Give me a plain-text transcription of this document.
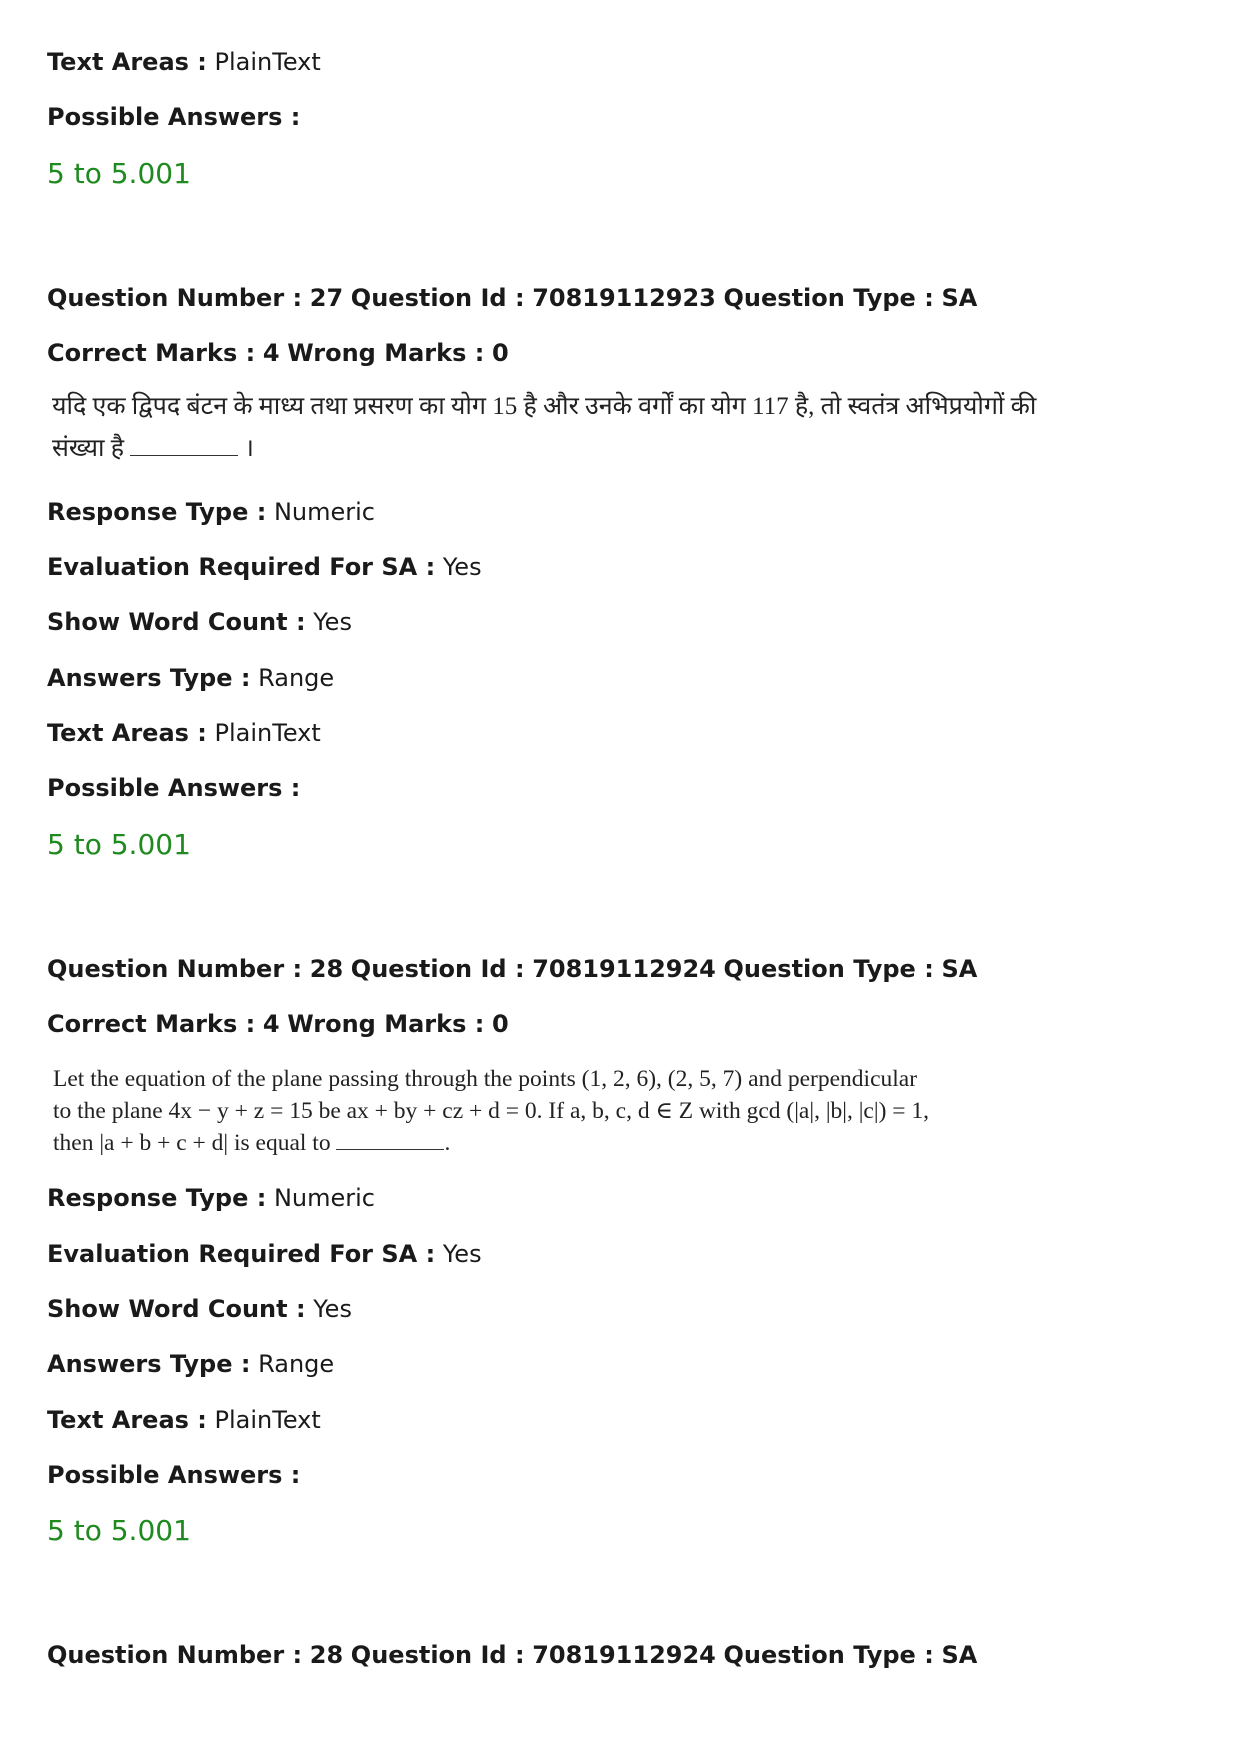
Text Areas : PlainText
Possible Answers :
5 to 5.001
Question Number : 27 Question Id : 70819112923 Question Type : SA
Correct Marks : 4 Wrong Marks : 0
यदि एक द्विपद बंटन के माध्य तथा प्रसरण का योग 15 है और उनके वर्गों का योग 117 है, तो स्वतंत्र अभिप्रयोगों की
संख्या है	।
Response Type : Numeric
Evaluation Required For SA : Yes
Show Word Count : Yes
Answers Type : Range
Text Areas : PlainText
Possible Answers :
5 to 5.001
Question Number : 28 Question Id : 70819112924 Question Type : SA
Correct Marks : 4 Wrong Marks : 0
Let the equation of the plane passing through the points (1, 2, 6), (2, 5, 7) and perpendicular
to the plane 4x − y + z = 15 be ax + by + cz + d = 0. If a, b, c, d ∈ Z with gcd (|a|, |b|, |c|) = 1,
then |a + b + c + d| is equal to	.
Response Type : Numeric
Evaluation Required For SA : Yes
Show Word Count : Yes
Answers Type : Range
Text Areas : PlainText
Possible Answers :
5 to 5.001
Question Number : 28 Question Id : 70819112924 Question Type : SA
